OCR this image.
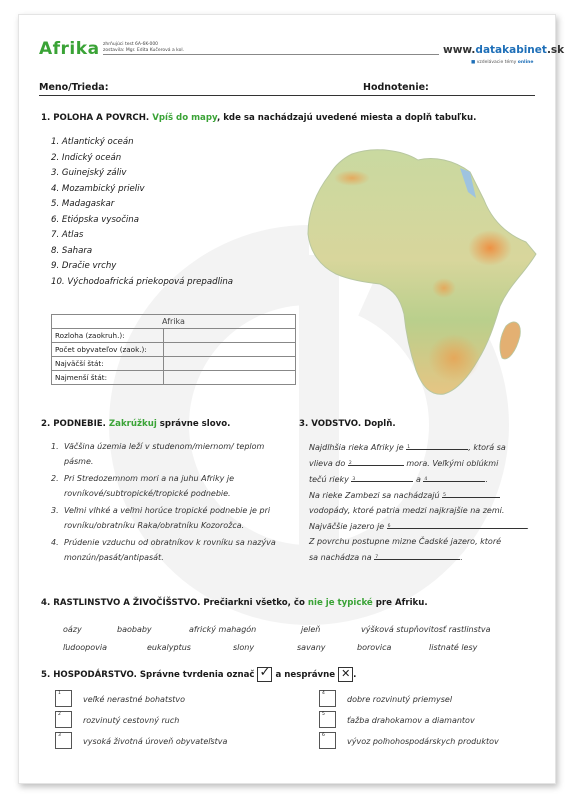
Afrika zhrňujúci test 6A-6K-000
zostavila: Mgr. Edita Kučerová a kol.	www.datakabinet.sk
■ vzdelávacie témy online
Meno/Trieda:	Hodnotenie:
1. POLOHA A POVRCH. Vpíš do mapy, kde sa nachádzajú uvedené miesta a doplň tabuľku.
1. Atlantický oceán
2. Indický oceán
3. Guinejský záliv
4. Mozambický prieliv
5. Madagaskar
6. Etiópska vysočina
7. Atlas
8. Sahara
9. Dračie vrchy
10. Východoafrická priekopová prepadlina
Afrika	
Rozloha (zaokruh.):	
Počet obyvateľov (zaok.):	
Najväčší štát:	
Najmenší štát:	
2. PODNEBIE. Zakrúžkuj správne slovo.
1. Väčšina územia leží v studenom/miernom/ teplom pásme.
2. Pri Stredozemnom mori a na juhu Afriky je rovníkové/subtropické/tropické podnebie.
3. Veľmi vlhké a veľmi horúce tropické podnebie je pri rovníku/obratníku Raka/obratníku Kozorožca.
4. Prúdenie vzduchu od obratníkov k rovníku sa nazýva monzún/pasát/antipasát.
3. VODSTVO. Doplň.
Najdlhšia rieka Afriky je 1	, ktorá sa
vlieva do 2	mora. Veľkými oblúkmi
tečú rieky 3	a 4	.
Na rieke Zambezi sa nachádzajú 5
vodopády, ktoré patria medzi najkrajšie na zemi.
Najväčšie jazero je 6	.
Z povrchu postupne mizne Čadské jazero, ktoré
sa nachádza na 7	.
4. RASTLINSTVO A ŽIVOČÍŠSTVO. Prečiarkni všetko, čo nie je typické pre Afriku.
oázy	baobaby	africký mahagón	jeleň	výšková stupňovitosť rastlinstva
ľudoopovia	eukalyptus	slony	savany	borovica	listnaté lesy
5. HOSPODÁRSTVO. Správne tvrdenia označ ✓ a nesprávne ✕ .
1
veľké nerastné bohatstvo
2
rozvinutý cestovný ruch
3
vysoká životná úroveň obyvateľstva
4
dobre rozvinutý priemysel
5
ťažba drahokamov a diamantov
6
vývoz poľnohospodárskych produktov
